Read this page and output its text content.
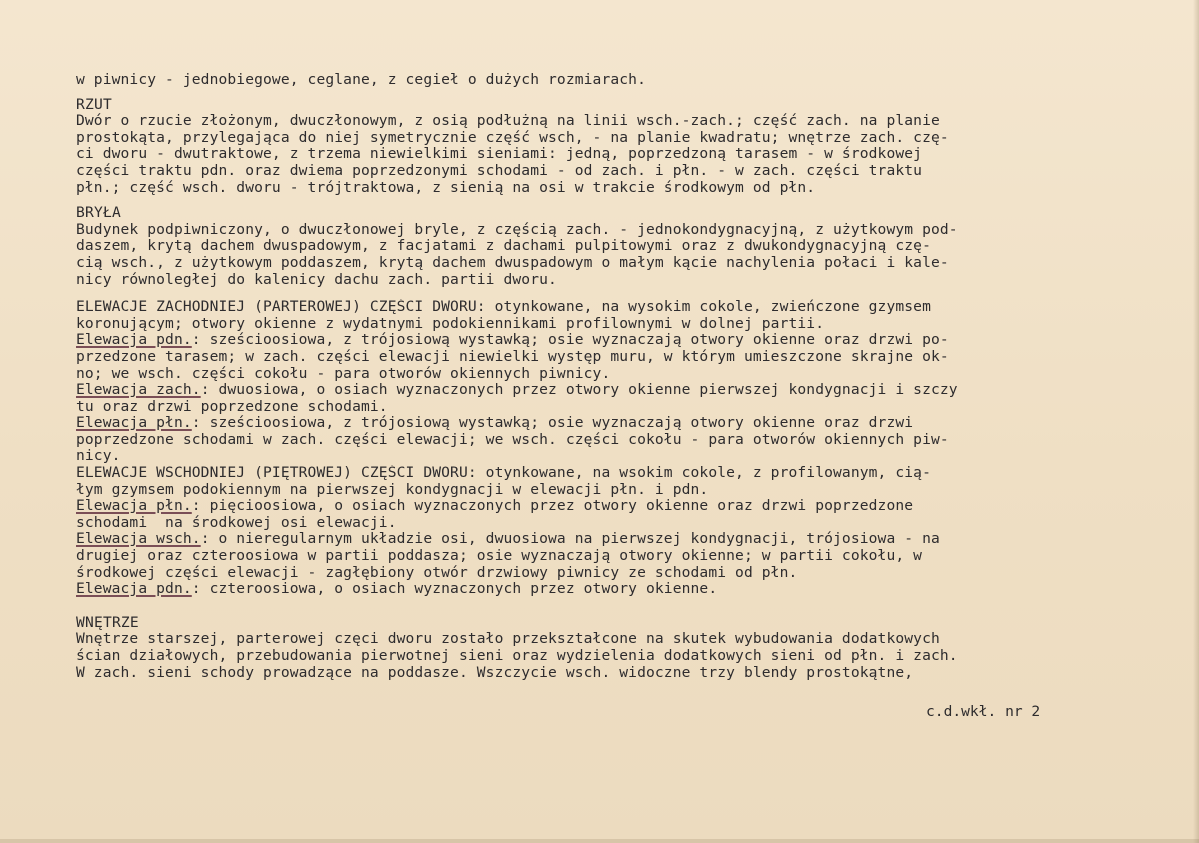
w piwnicy - jednobiegowe, ceglane, z cegieł o dużych rozmiarach.
RZUT
Dwór o rzucie złożonym, dwuczłonowym, z osią podłużną na linii wsch.-zach.; część zach. na planie
prostokąta, przylegająca do niej symetrycznie część wsch, - na planie kwadratu; wnętrze zach. czę-
ci dworu - dwutraktowe, z trzema niewielkimi sieniami: jedną, poprzedzoną tarasem - w środkowej
części traktu pdn. oraz dwiema poprzedzonymi schodami - od zach. i płn. - w zach. części traktu
płn.; część wsch. dworu - trójtraktowa, z sienią na osi w trakcie środkowym od płn.
BRYŁA
Budynek podpiwniczony, o dwuczłonowej bryle, z częścią zach. - jednokondygnacyjną, z użytkowym pod-
daszem, krytą dachem dwuspadowym, z facjatami z dachami pulpitowymi oraz z dwukondygnacyjną czę-
cią wsch., z użytkowym poddaszem, krytą dachem dwuspadowym o małym kącie nachylenia połaci i kale-
nicy równoległej do kalenicy dachu zach. partii dworu.
ELEWACJE ZACHODNIEJ (PARTEROWEJ) CZĘŚCI DWORU: otynkowane, na wysokim cokole, zwieńczone gzymsem
koronującym; otwory okienne z wydatnymi podokiennikami profilownymi w dolnej partii.
Elewacja pdn.: sześcioosiowa, z trójosiową wystawką; osie wyznaczają otwory okienne oraz drzwi po-
przedzone tarasem; w zach. części elewacji niewielki występ muru, w którym umieszczone skrajne ok-
no; we wsch. części cokołu - para otworów okiennych piwnicy.
Elewacja zach.: dwuosiowa, o osiach wyznaczonych przez otwory okienne pierwszej kondygnacji i szczy
tu oraz drzwi poprzedzone schodami.
Elewacja płn.: sześcioosiowa, z trójosiową wystawką; osie wyznaczają otwory okienne oraz drzwi
poprzedzone schodami w zach. części elewacji; we wsch. części cokołu - para otworów okiennych piw-
nicy.
ELEWACJE WSCHODNIEJ (PIĘTROWEJ) CZĘŚCI DWORU: otynkowane, na wsokim cokole, z profilowanym, cią-
łym gzymsem podokiennym na pierwszej kondygnacji w elewacji płn. i pdn.
Elewacja płn.: pięcioosiowa, o osiach wyznaczonych przez otwory okienne oraz drzwi poprzedzone
schodami  na środkowej osi elewacji.
Elewacja wsch.: o nieregularnym układzie osi, dwuosiowa na pierwszej kondygnacji, trójosiowa - na
drugiej oraz czteroosiowa w partii poddasza; osie wyznaczają otwory okienne; w partii cokołu, w
środkowej części elewacji - zagłębiony otwór drzwiowy piwnicy ze schodami od płn.
Elewacja pdn.: czteroosiowa, o osiach wyznaczonych przez otwory okienne.
WNĘTRZE
Wnętrze starszej, parterowej częci dworu zostało przekształcone na skutek wybudowania dodatkowych
ścian działowych, przebudowania pierwotnej sieni oraz wydzielenia dodatkowych sieni od płn. i zach.
W zach. sieni schody prowadzące na poddasze. Wszczycie wsch. widoczne trzy blendy prostokątne,
c.d.wkł. nr 2
